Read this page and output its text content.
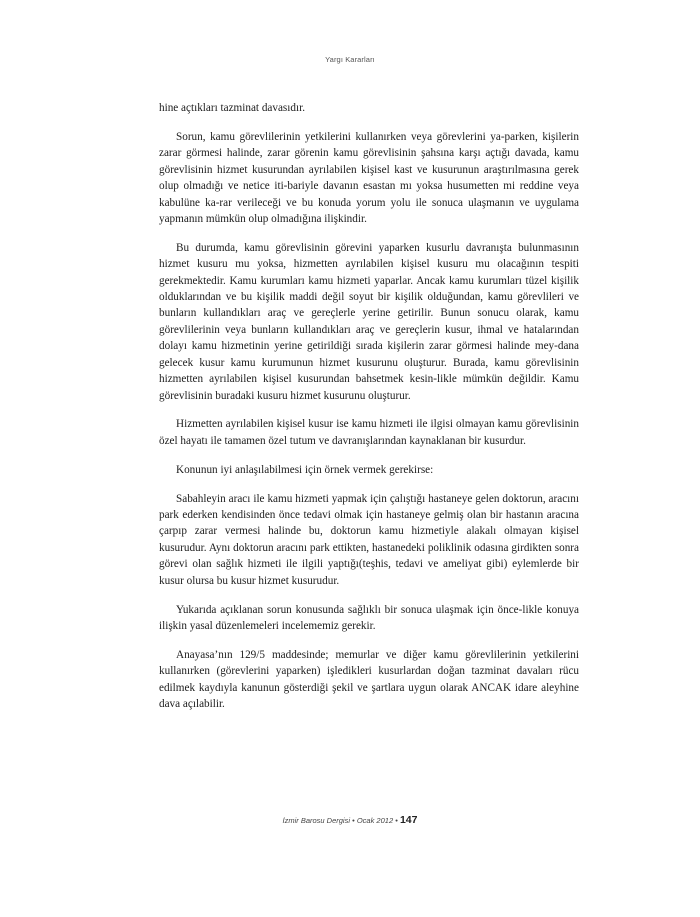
Yargı Kararları

hine açtıkları tazminat davasıdır.

Sorun, kamu görevlilerinin yetkilerini kullanırken veya görevlerini ya-parken, kişilerin zarar görmesi halinde, zarar görenin kamu görevlisinin şahsına karşı açtığı davada, kamu görevlisinin hizmet kusurundan ayrılabilen kişisel kast ve kusurunun araştırılmasına gerek olup olmadığı ve netice iti-bariyle davanın esastan mı yoksa husumetten mi reddine veya kabulüne ka-rar verileceği ve bu konuda yorum yolu ile sonuca ulaşmanın ve uygulama yapmanın mümkün olup olmadığına ilişkindir.

Bu durumda, kamu görevlisinin görevini yaparken kusurlu davranışta bulunmasının hizmet kusuru mu yoksa, hizmetten ayrılabilen kişisel kusuru mu olacağının tespiti gerekmektedir. Kamu kurumları kamu hizmeti yaparlar. Ancak kamu kurumları tüzel kişilik olduklarından ve bu kişilik maddi değil soyut bir kişilik olduğundan, kamu görevlileri ve bunların kullandıkları araç ve gereçlerle yerine getirilir. Bunun sonucu olarak, kamu görevlilerinin veya bunların kullandıkları araç ve gereçlerin kusur, ihmal ve hatalarından dolayı kamu hizmetinin yerine getirildiği sırada kişilerin zarar görmesi halinde mey-dana gelecek kusur kamu kurumunun hizmet kusurunu oluşturur. Burada, kamu görevlisinin hizmetten ayrılabilen kişisel kusurundan bahsetmek kesin-likle mümkün değildir. Kamu görevlisinin buradaki kusuru hizmet kusurunu oluşturur.

Hizmetten ayrılabilen kişisel kusur ise kamu hizmeti ile ilgisi olmayan kamu görevlisinin özel hayatı ile tamamen özel tutum ve davranışlarından kaynaklanan bir kusurdur.

Konunun iyi anlaşılabilmesi için örnek vermek gerekirse:

Sabahleyin aracı ile kamu hizmeti yapmak için çalıştığı hastaneye gelen doktorun, aracını park ederken kendisinden önce tedavi olmak için hastaneye gelmiş olan bir hastanın aracına çarpıp zarar vermesi halinde bu, doktorun kamu hizmetiyle alakalı olmayan kişisel kusurudur. Aynı doktorun aracını park ettikten, hastanedeki poliklinik odasına girdikten sonra görevi olan sağlık hizmeti ile ilgili yaptığı(teşhis, tedavi ve ameliyat gibi) eylemlerde bir kusur olursa bu kusur hizmet kusurudur.

Yukarıda açıklanan sorun konusunda sağlıklı bir sonuca ulaşmak için önce-likle konuya ilişkin yasal düzenlemeleri incelememiz gerekir.

Anayasa’nın 129/5 maddesinde; memurlar ve diğer kamu görevlilerinin yetkilerini kullanırken (görevlerini yaparken) işledikleri kusurlardan doğan tazminat davaları rücu edilmek kaydıyla kanunun gösterdiği şekil ve şartlara uygun olarak ANCAK idare aleyhine dava açılabilir.

İzmir Barosu Dergisi • Ocak 2012 • 147
